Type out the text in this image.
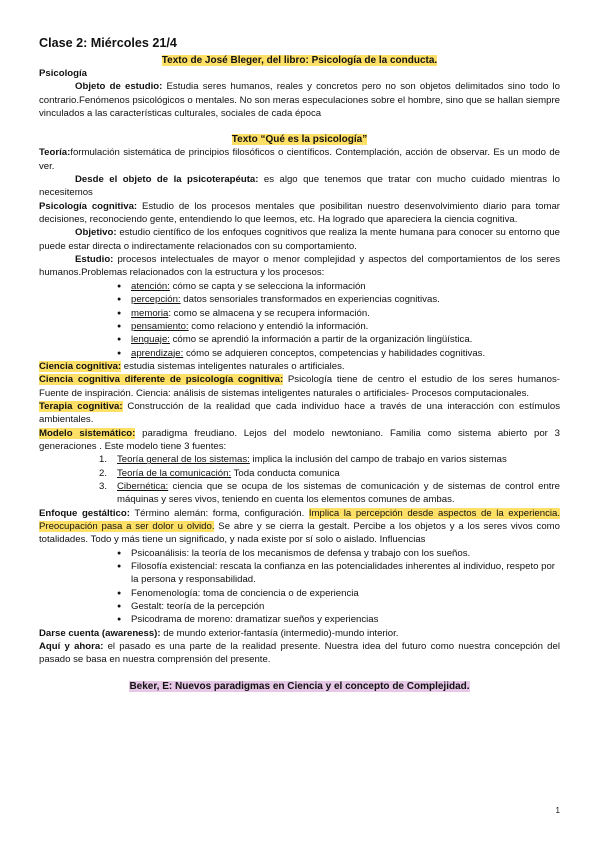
Clase 2: Miércoles 21/4
Texto de José Bleger, del libro: Psicología de la conducta.

Psicología

Objeto de estudio: Estudia seres humanos, reales y concretos pero no son objetos delimitados sino todo lo contrario.Fenómenos psicológicos o mentales. No son meras especulaciones sobre el hombre, sino que se hallan siempre vinculados a las características culturales, sociales de cada época

Texto “Qué es la psicología”

Teoría:formulación sistemática de principios filosóficos o científicos. Contemplación, acción de observar. Es un modo de ver.

Desde el objeto de la psicoterapéuta: es algo que tenemos que tratar con mucho cuidado mientras lo necesitemos

Psicología cognitiva: Estudio de los procesos mentales que posibilitan nuestro desenvolvimiento diario para tomar decisiones, reconociendo gente, entendiendo lo que leemos, etc. Ha logrado que apareciera la ciencia cognitiva.

Objetivo: estudio científico de los enfoques cognitivos que realiza la mente humana para conocer su entorno que puede estar directa o indirectamente relacionados con su comportamiento.

Estudio: procesos intelectuales de mayor o menor complejidad y aspectos del comportamientos de los seres humanos.Problemas relacionados con la estructura y los procesos:

● atención: cómo se capta y se selecciona la información
● percepción: datos sensoriales transformados en experiencias cognitivas.
● memoria: como se almacena y se recupera información.
● pensamiento: como relaciono y entendió la información.
● lenguaje: cómo se aprendió la información a partir de la organización lingüística.
● aprendizaje: cómo se adquieren conceptos, competencias y habilidades cognitivas.

Ciencia cognitiva: estudia sistemas inteligentes naturales o artificiales.

Ciencia cognitiva diferente de psicología cognitiva: Psicología tiene de centro el estudio de los seres humanos- Fuente de inspiración. Ciencia: análisis de sistemas inteligentes naturales o artificiales- Procesos computacionales.

Terapia cognitiva: Construcción de la realidad que cada individuo hace a través de una interacción con estímulos ambientales.

Modelo sistemático: paradigma freudiano. Lejos del modelo newtoniano. Familia como sistema abierto por 3 generaciones . Este modelo tiene 3 fuentes:

1. Teoría general de los sistemas: implica la inclusión del campo de trabajo en varios sistemas
2. Teoría de la comunicación: Toda conducta comunica
3. Cibernética: ciencia que se ocupa de los sistemas de comunicación y de sistemas de control entre máquinas y seres vivos, teniendo en cuenta los elementos comunes de ambas.

Enfoque gestáltico: Término alemán: forma, configuración. Implica la percepción desde aspectos de la experiencia. Preocupación pasa a ser dolor u olvido. Se abre y se cierra la gestalt. Percibe a los objetos y a los seres vivos como totalidades. Todo y más tiene un significado, y nada existe por sí solo o aislado. Influencias

● Psicoanálisis: la teoría de los mecanismos de defensa y trabajo con los sueños.
● Filosofía existencial: rescata la confianza en las potencialidades inherentes al individuo, respeto por la persona y responsabilidad.
● Fenomenología: toma de conciencia o de experiencia
● Gestalt: teoría de la percepción
● Psicodrama de moreno: dramatizar sueños y experiencias

Darse cuenta (awareness): de mundo exterior-fantasía (intermedio)-mundo interior.

Aquí y ahora: el pasado es una parte de la realidad presente. Nuestra idea del futuro como nuestra concepción del pasado se basa en nuestra comprensión del presente.

Beker, E: Nuevos paradigmas en Ciencia y el concepto de Complejidad.
1
